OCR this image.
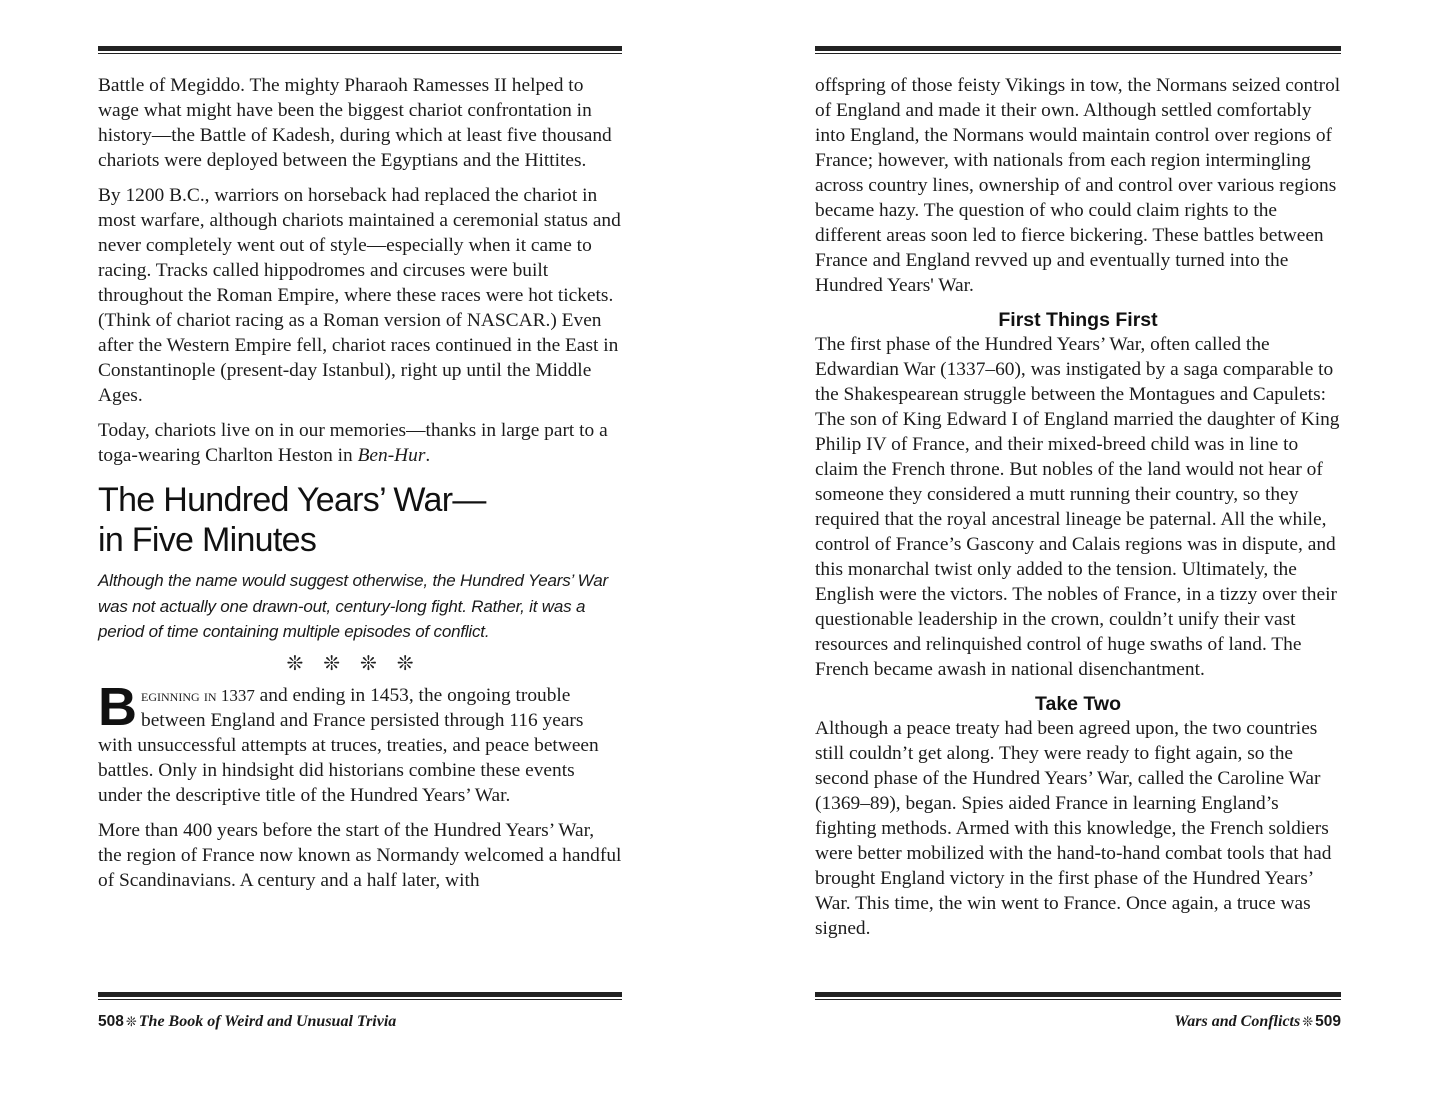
Battle of Megiddo. The mighty Pharaoh Ramesses II helped to wage what might have been the biggest chariot confrontation in history—the Battle of Kadesh, during which at least five thousand chariots were deployed between the Egyptians and the Hittites.

By 1200 B.C., warriors on horseback had replaced the chariot in most warfare, although chariots maintained a ceremonial status and never completely went out of style—especially when it came to racing. Tracks called hippodromes and circuses were built throughout the Roman Empire, where these races were hot tickets. (Think of chariot racing as a Roman version of NASCAR.) Even after the Western Empire fell, chariot races continued in the East in Constantinople (present-day Istanbul), right up until the Middle Ages.

Today, chariots live on in our memories—thanks in large part to a toga-wearing Charlton Heston in Ben-Hur.

The Hundred Years’ War—
in Five Minutes

Although the name would suggest otherwise, the Hundred Years’ War was not actually one drawn-out, century-long fight. Rather, it was a period of time containing multiple episodes of conflict.

❊❊❊❊

Beginning in 1337 and ending in 1453, the ongoing trouble between England and France persisted through 116 years with unsuccessful attempts at truces, treaties, and peace between battles. Only in hindsight did historians combine these events under the descriptive title of the Hundred Years’ War.

More than 400 years before the start of the Hundred Years’ War, the region of France now known as Normandy welcomed a handful of Scandinavians. A century and a half later, with

508 ❊ The Book of Weird and Unusual Trivia

offspring of those feisty Vikings in tow, the Normans seized control of England and made it their own. Although settled comfortably into England, the Normans would maintain control over regions of France; however, with nationals from each region intermingling across country lines, ownership of and control over various regions became hazy. The question of who could claim rights to the different areas soon led to fierce bickering. These battles between France and England revved up and eventually turned into the Hundred Years' War.

First Things First

The first phase of the Hundred Years’ War, often called the Edwardian War (1337–60), was instigated by a saga comparable to the Shakespearean struggle between the Montagues and Capulets: The son of King Edward I of England married the daughter of King Philip IV of France, and their mixed-breed child was in line to claim the French throne. But nobles of the land would not hear of someone they considered a mutt running their country, so they required that the royal ancestral lineage be paternal. All the while, control of France’s Gascony and Calais regions was in dispute, and this monarchal twist only added to the tension. Ultimately, the English were the victors. The nobles of France, in a tizzy over their questionable leadership in the crown, couldn’t unify their vast resources and relinquished control of huge swaths of land. The French became awash in national disenchantment.

Take Two

Although a peace treaty had been agreed upon, the two countries still couldn’t get along. They were ready to fight again, so the second phase of the Hundred Years’ War, called the Caroline War (1369–89), began. Spies aided France in learning England’s fighting methods. Armed with this knowledge, the French soldiers were better mobilized with the hand-to-hand combat tools that had brought England victory in the first phase of the Hundred Years’ War. This time, the win went to France. Once again, a truce was signed.

Wars and Conflicts ❊ 509
